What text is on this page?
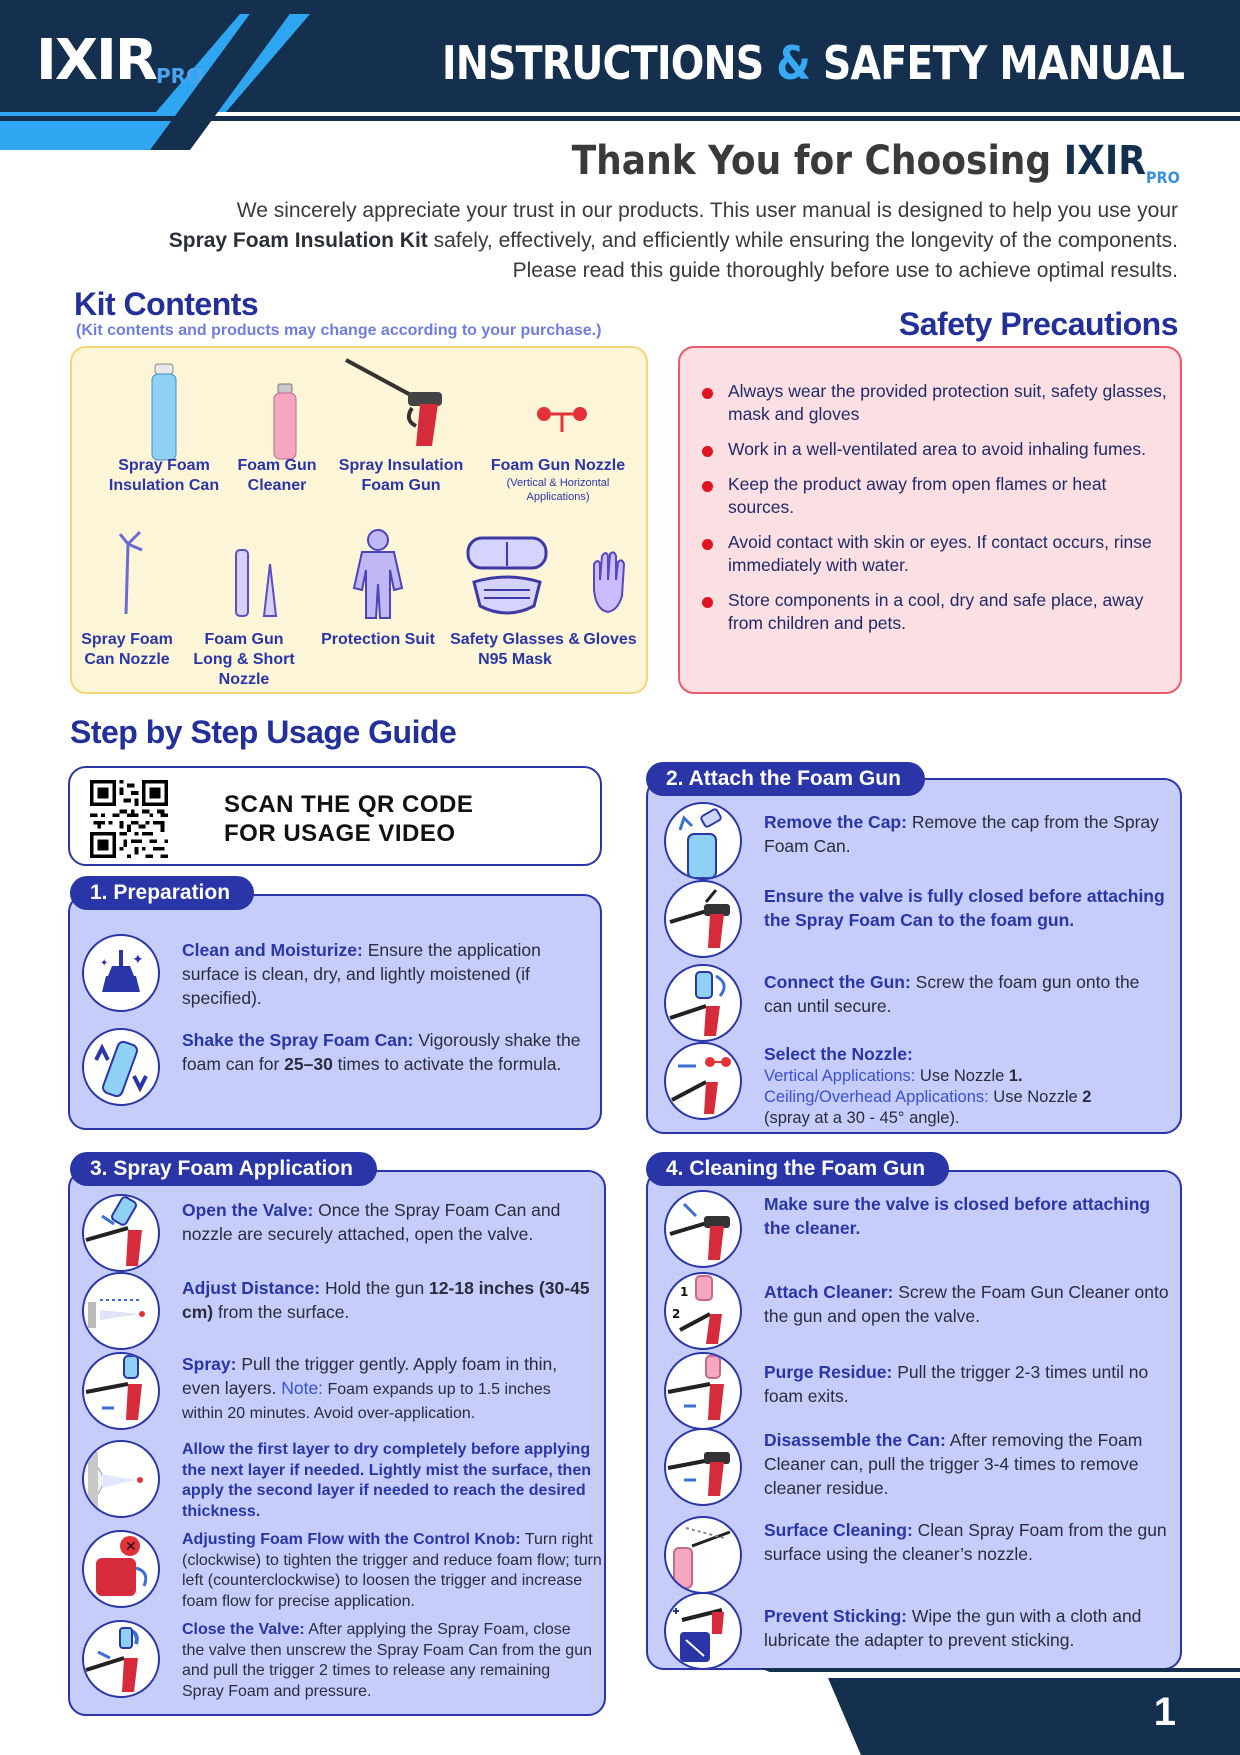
$IXIR_{PRO}$	INSTRUCTIONS & SAFETY MANUAL
Thank You for Choosing $IXIR_{PRO}$
We sincerely appreciate your trust in our products. This user manual is designed to help you use your
Spray Foam Insulation Kit safely, effectively, and efficiently while ensuring the longevity of the components.
Please read this guide thoroughly before use to achieve optimal results.
Kit Contents
(Kit contents and products may change according to your purchase.)
Spray Foam Insulation Can
Foam Gun Cleaner
Spray Insulation Foam Gun
Foam Gun Nozzle
(Vertical & Horizontal Applications)
Spray Foam Can Nozzle
Foam Gun Long & Short Nozzle
Protection Suit Safety Glasses & N95 Mask
Gloves
Safety Precautions
Always wear the provided protection suit, safety glasses, mask and gloves
Work in a well-ventilated area to avoid inhaling fumes.
Keep the product away from open flames or heat sources.
Avoid contact with skin or eyes. If contact occurs, rinse immediately with water.
Store components in a cool, dry and safe place, away from children and pets.
Step by Step Usage Guide
SCAN THE QR CODE
FOR USAGE VIDEO
✦
✦
Clean and Moisturize: Ensure the application surface is clean, dry, and lightly moistened (if specified).
Shake the Spray Foam Can: Vigorously shake the foam can for 25–30 times to activate the formula.
1. Preparation
Remove the Cap: Remove the cap from the Spray Foam Can.
Ensure the valve is fully closed before attaching the Spray Foam Can to the foam gun.
Connect the Gun: Screw the foam gun onto the can until secure.
Select the Nozzle:
Vertical Applications: Use Nozzle 1.
Ceiling/Overhead Applications: Use Nozzle 2
(spray at a 30 - 45° angle).
2. Attach the Foam Gun
Open the Valve: Once the Spray Foam Can and nozzle are securely attached, open the valve.
Adjust Distance: Hold the gun 12-18 inches (30-45 cm) from the surface.
Spray: Pull the trigger gently. Apply foam in thin, even layers. Note: Foam expands up to 1.5 inches within 20 minutes. Avoid over-application.
Allow the first layer to dry completely before applying the next layer if needed. Lightly mist the surface, then apply the second layer if needed to reach the desired thickness.
✕	Adjusting Foam Flow with the Control Knob: Turn right (clockwise) to tighten the trigger and reduce foam flow; turn left (counterclockwise) to loosen the trigger and increase foam flow for precise application.
Close the Valve: After applying the Spray Foam, close the valve then unscrew the Spray Foam Can from the gun and pull the trigger 2 times to release any remaining Spray Foam and pressure.
3. Spray Foam Application
Make sure the valve is closed before attaching the cleaner.
1
2
Attach Cleaner: Screw the Foam Gun Cleaner onto the gun and open the valve.
Purge Residue: Pull the trigger 2-3 times until no foam exits.
Disassemble the Can: After removing the Foam Cleaner can, pull the trigger 3-4 times to remove cleaner residue.
Surface Cleaning: Clean Spray Foam from the gun surface using the cleaner’s nozzle.
Prevent Sticking: Wipe the gun with a cloth and lubricate the adapter to prevent sticking.
4. Cleaning the Foam Gun
1
